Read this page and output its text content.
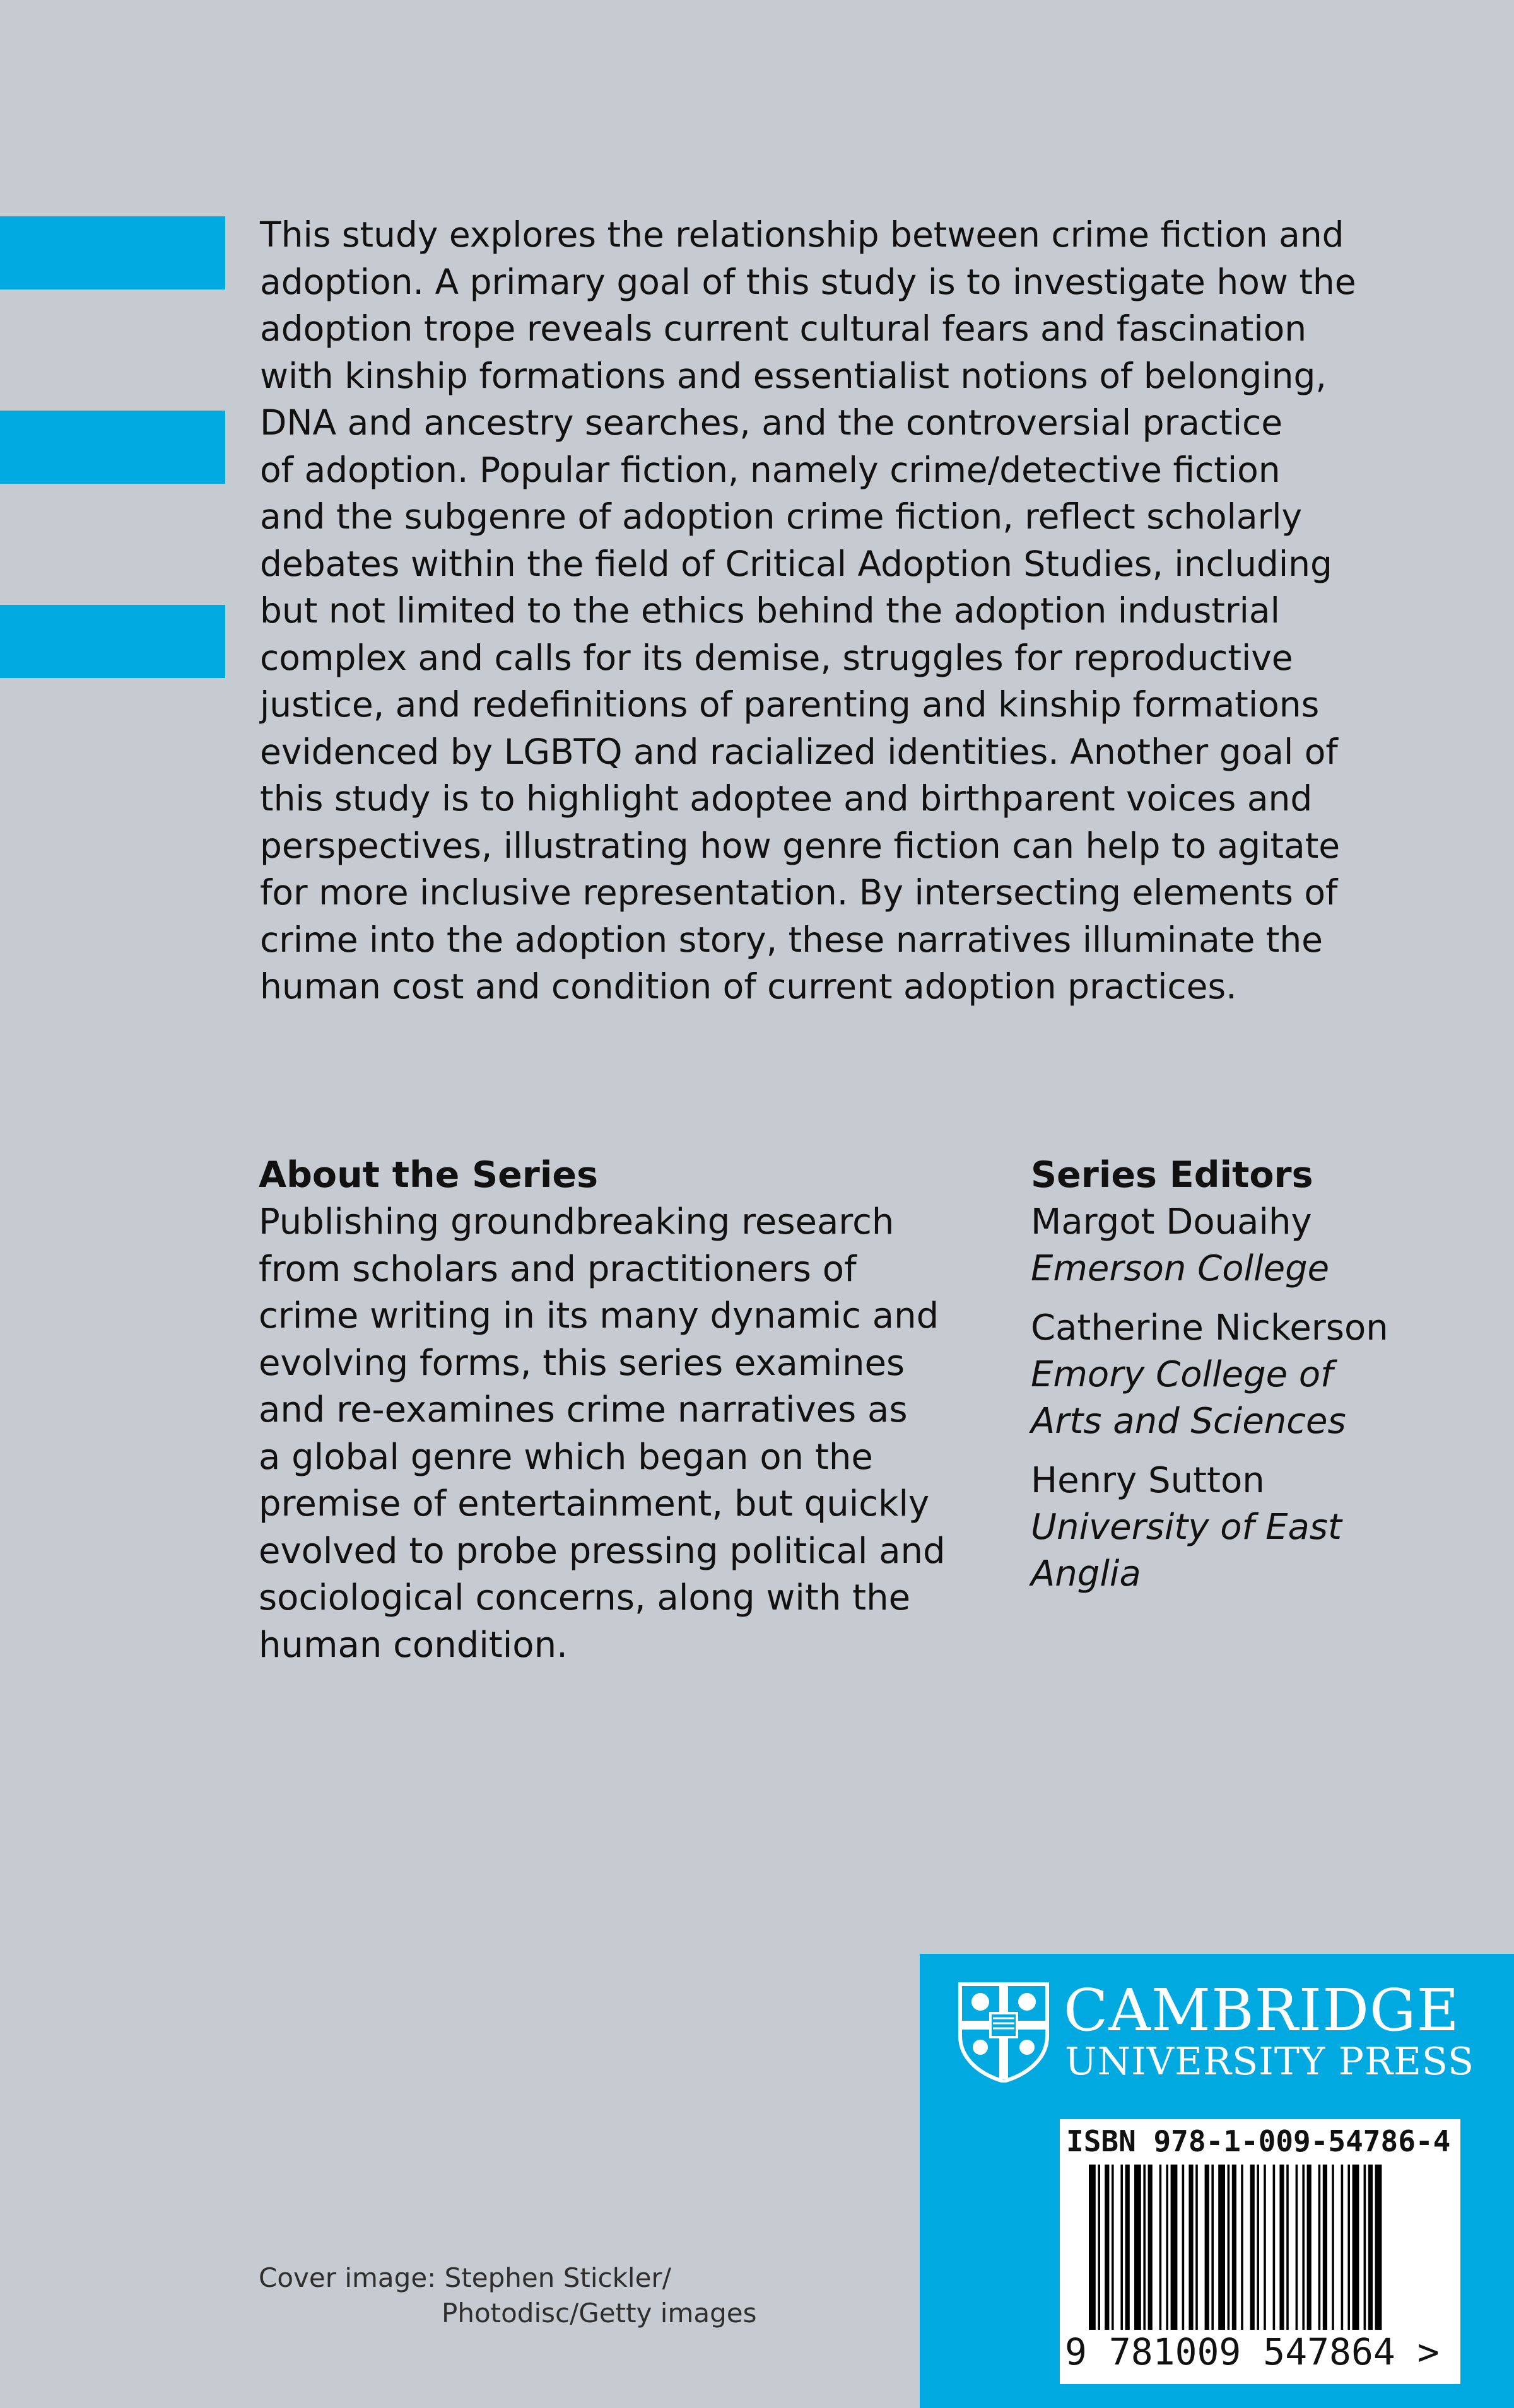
This study explores the relationship between crime fiction and
adoption. A primary goal of this study is to investigate how the
adoption trope reveals current cultural fears and fascination
with kinship formations and essentialist notions of belonging,
DNA and ancestry searches, and the controversial practice
of adoption. Popular fiction, namely crime/detective fiction
and the subgenre of adoption crime fiction, reflect scholarly
debates within the field of Critical Adoption Studies, including
but not limited to the ethics behind the adoption industrial
complex and calls for its demise, struggles for reproductive
justice, and redefinitions of parenting and kinship formations
evidenced by LGBTQ and racialized identities. Another goal of
this study is to highlight adoptee and birthparent voices and
perspectives, illustrating how genre fiction can help to agitate
for more inclusive representation. By intersecting elements of
crime into the adoption story, these narratives illuminate the
human cost and condition of current adoption practices.

About the Series

Publishing groundbreaking research
from scholars and practitioners of
crime writing in its many dynamic and
evolving forms, this series examines
and re-examines crime narratives as
a global genre which began on the
premise of entertainment, but quickly
evolved to probe pressing political and
sociological concerns, along with the
human condition.

Series Editors

Margot Douaihy
Emerson College
Catherine Nickerson
Emory College of
Arts and Sciences
Henry Sutton
University of East
Anglia
Cover image: Stephen Stickler/
Photodisc/Getty images
CAMBRIDGE
UNIVERSITY PRESS
ISBN 978-1-009-54786-4
9 781009 547864 >
